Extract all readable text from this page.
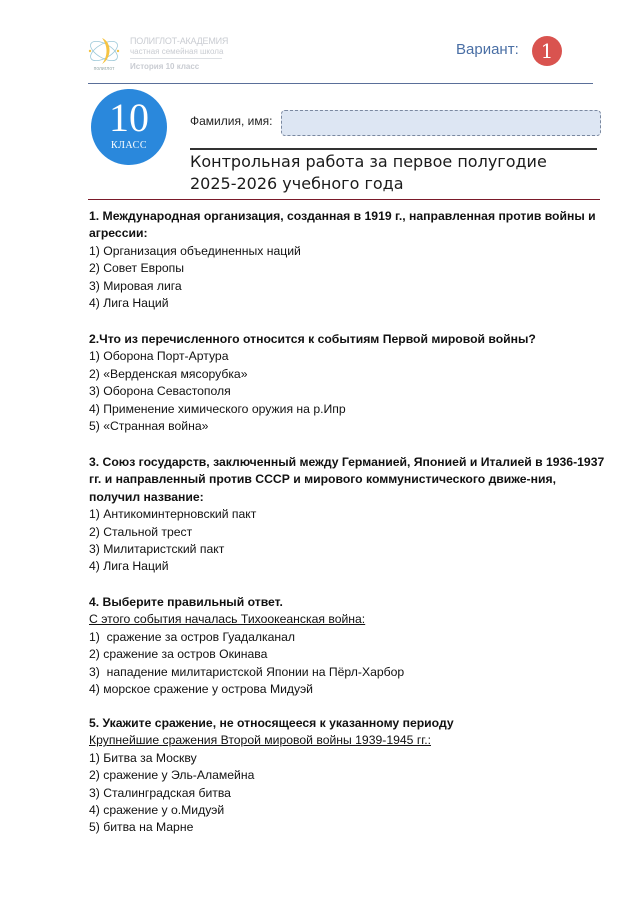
полиглот
ПОЛИГЛОТ-АКАДЕМИЯ
частная семейная школа
История 10 класс
Вариант:	1
10
КЛАСС
Фамилия, имя:
Контрольная работа за первое полугодие
2025-2026 учебного года
1. Международная организация, созданная в 1919 г., направленная против войны и агрессии:
1) Организация объединенных наций
2) Совет Европы
3) Мировая лига
4) Лига Наций
2.Что из перечисленного относится к событиям Первой мировой войны?
1) Оборона Порт-Артура
2) «Верденская мясорубка»
3) Оборона Севастополя
4) Применение химического оружия на р.Ипр
5) «Странная война»
3. Союз государств, заключенный между Германией, Японией и Италией в 1936-1937 гг. и направленный против СССР и мирового коммунистического движе-ния, получил название:
1) Антикоминтерновский пакт
2) Стальной трест
3) Милитаристский пакт
4) Лига Наций
4. Выберите правильный ответ.
С этого события началась Тихоокеанская война:
1)  сражение за остров Гуадалканал
2) сражение за остров Окинава
3)  нападение милитаристской Японии на Пёрл-Харбор
4) морское сражение у острова Мидуэй
5. Укажите сражение, не относящееся к указанному периоду
Крупнейшие сражения Второй мировой войны 1939-1945 гг.:
1) Битва за Москву
2) сражение у Эль-Аламейна
3) Сталинградская битва
4) сражение у о.Мидуэй
5) битва на Марне
